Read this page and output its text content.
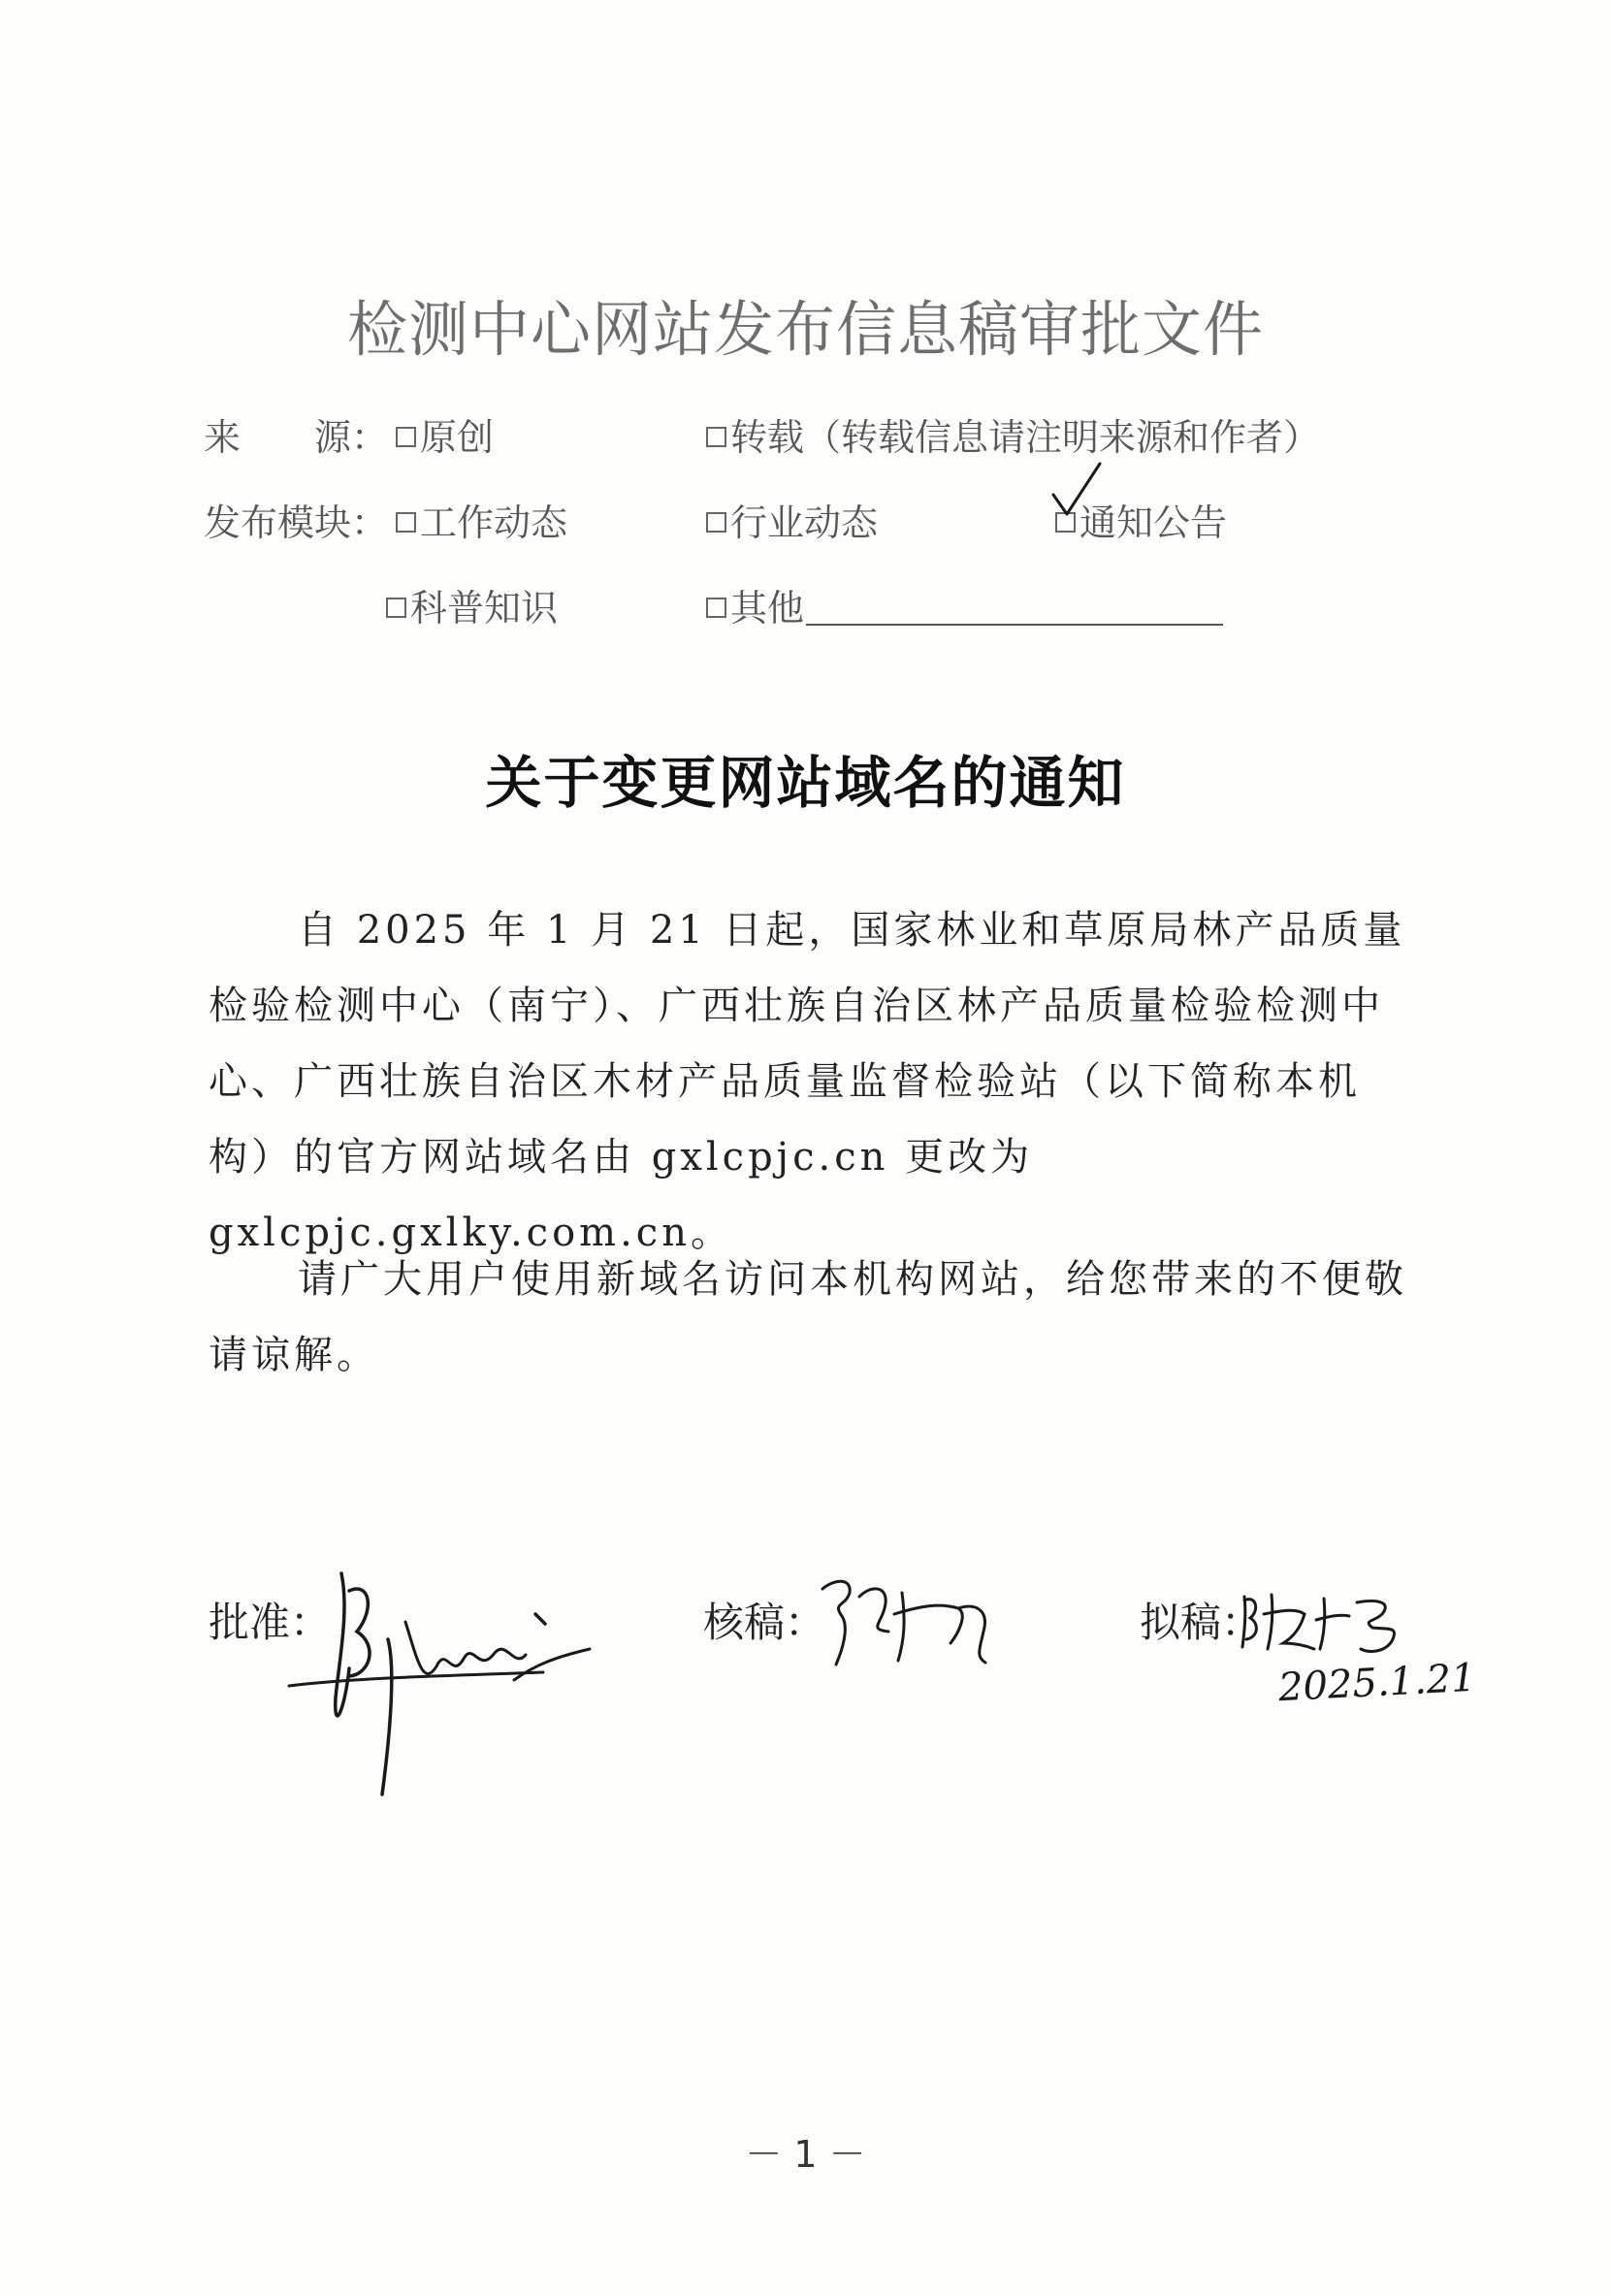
检测中心网站发布信息稿审批文件
来　　源： 原创	转载（转载信息请注明来源和作者）
发布模块： 工作动态	行业动态	通知公告
科普知识	其他
关于变更网站域名的通知

自 2025 年 1 月 21 日起，国家林业和草原局林产品质量检验检测中心（南宁）、广西壮族自治区林产品质量检验检测中心、广西壮族自治区木材产品质量监督检验站（以下简称本机构）的官方网站域名由 gxlcpjc.cn 更改为 gxlcpjc.gxlky.com.cn。

请广大用户使用新域名访问本机构网站，给您带来的不便敬请谅解。

批准：	核稿：	拟稿：
2025.1.21
－ 1 －
